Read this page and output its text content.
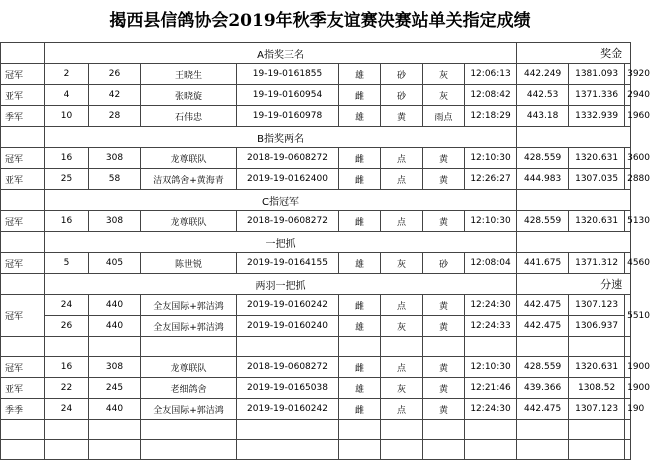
揭西县信鸽协会2019年秋季友谊赛决赛站单关指定成绩
	A指奖三名								奖金		
冠军	2	26	王晓生	19-19-0161855	雄	砂	灰	12:06:13	442.249	1381.093	3920
亚军	4	42	张晓旋	19-19-0160954	雌	砂	灰	12:08:42	442.53	1371.336	2940
季军	10	28	石伟忠	19-19-0160978	雄	黄	雨点	12:18:29	443.18	1332.939	1960
	B指奖两名										
冠军	16	308	龙尊联队	2018-19-0608272	雌	点	黄	12:10:30	428.559	1320.631	3600
亚军	25	58	洁双鸽舍+黄海青	2019-19-0162400	雌	点	黄	12:26:27	444.983	1307.035	2880
	C指冠军										
冠军	16	308	龙尊联队	2018-19-0608272	雌	点	黄	12:10:30	428.559	1320.631	5130
	一把抓										
冠军	5	405	陈世锐	2019-19-0164155	雄	灰	砂	12:08:04	441.675	1371.312	4560
	两羽一把抓								分速		
冠军	24	440	全友国际+郭洁鸿	2019-19-0160242	雌	点	黄	12:24:30	442.475	1307.123	5510
	26	440	全友国际+郭洁鸿	2019-19-0160240	雄	灰	黄	12:24:33	442.475	1306.937	

冠军	16	308	龙尊联队	2018-19-0608272	雌	点	黄	12:10:30	428.559	1320.631	1900
亚军	22	245	老细鸽舍	2019-19-0165038	雄	灰	黄	12:21:46	439.366	1308.52	1900
季季	24	440	全友国际+郭洁鸿	2019-19-0160242	雌	点	黄	12:24:30	442.475	1307.123	190
